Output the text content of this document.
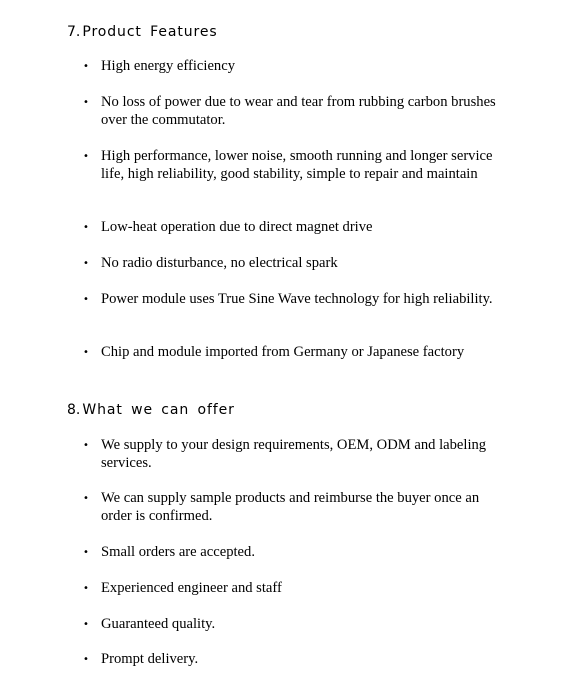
7. Product Features
• High energy efficiency
• No loss of power due to wear and tear from rubbing carbon brushes over the commutator.
• High performance, lower noise, smooth running and longer service life, high reliability, good stability, simple to repair and maintain
• Low-heat operation due to direct magnet drive
• No radio disturbance, no electrical spark
• Power module uses True Sine Wave technology for high reliability.
• Chip and module imported from Germany or Japanese factory
8. What we can offer
• We supply to your design requirements, OEM, ODM and labeling services.
• We can supply sample products and reimburse the buyer once an order is confirmed.
• Small orders are accepted.
• Experienced engineer and staff
• Guaranteed quality.
• Prompt delivery.
